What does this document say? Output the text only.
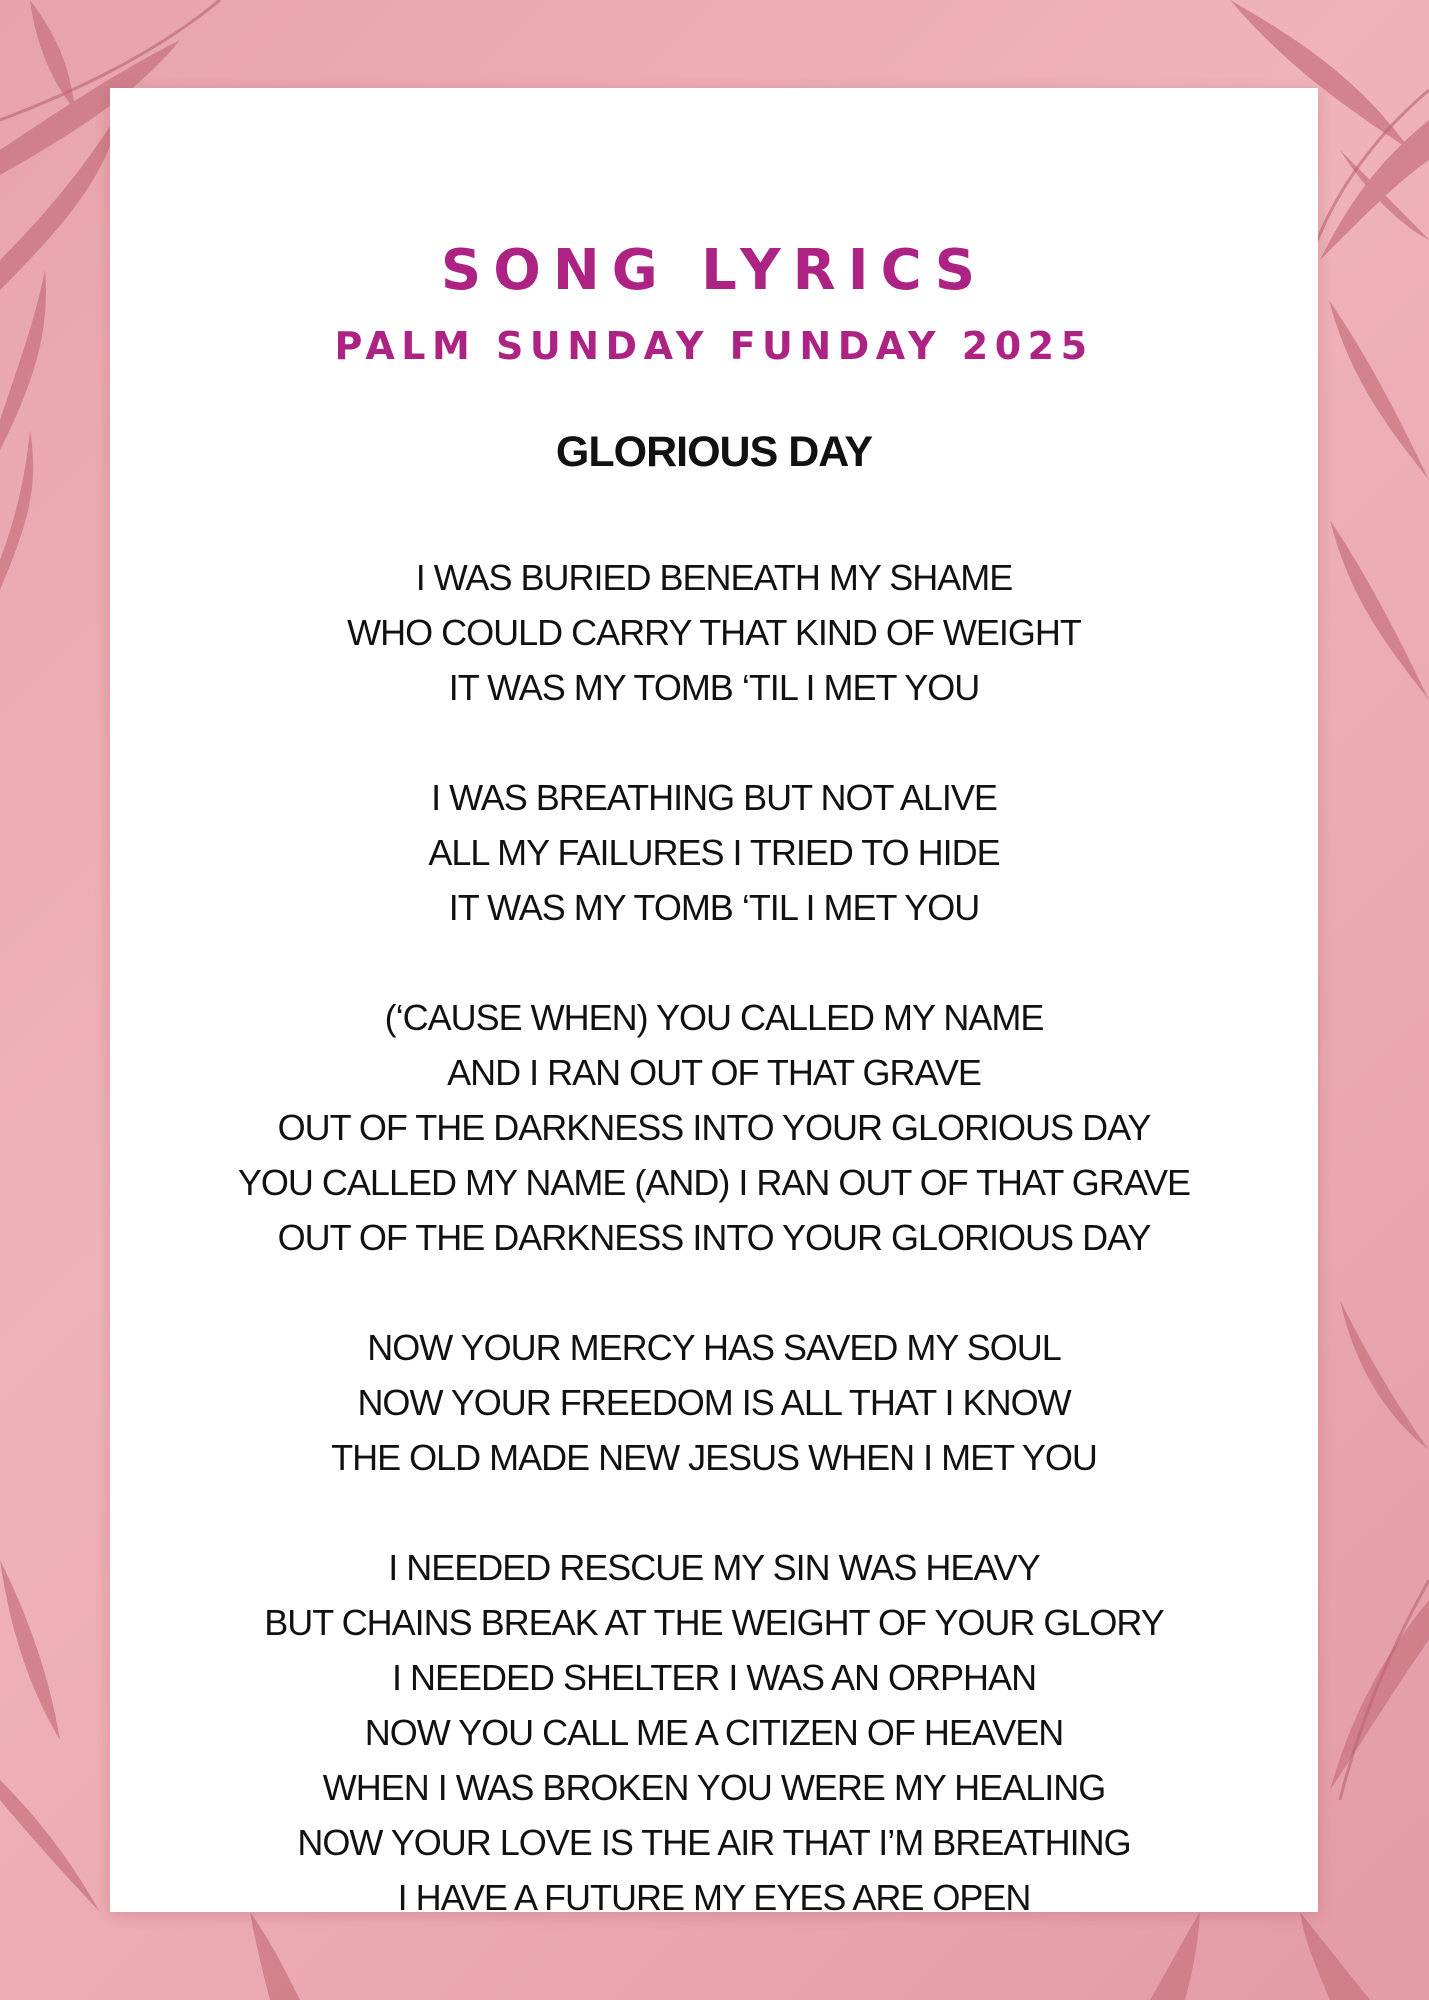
SONG LYRICS
PALM SUNDAY FUNDAY 2025
GLORIOUS DAY
I WAS BURIED BENEATH MY SHAME
WHO COULD CARRY THAT KIND OF WEIGHT
IT WAS MY TOMB ‘TIL I MET YOU
I WAS BREATHING BUT NOT ALIVE
ALL MY FAILURES I TRIED TO HIDE
IT WAS MY TOMB ‘TIL I MET YOU
(‘CAUSE WHEN) YOU CALLED MY NAME
AND I RAN OUT OF THAT GRAVE
OUT OF THE DARKNESS INTO YOUR GLORIOUS DAY
YOU CALLED MY NAME (AND) I RAN OUT OF THAT GRAVE
OUT OF THE DARKNESS INTO YOUR GLORIOUS DAY
NOW YOUR MERCY HAS SAVED MY SOUL
NOW YOUR FREEDOM IS ALL THAT I KNOW
THE OLD MADE NEW JESUS WHEN I MET YOU
I NEEDED RESCUE MY SIN WAS HEAVY
BUT CHAINS BREAK AT THE WEIGHT OF YOUR GLORY
I NEEDED SHELTER I WAS AN ORPHAN
NOW YOU CALL ME A CITIZEN OF HEAVEN
WHEN I WAS BROKEN YOU WERE MY HEALING
NOW YOUR LOVE IS THE AIR THAT I’M BREATHING
I HAVE A FUTURE MY EYES ARE OPEN
